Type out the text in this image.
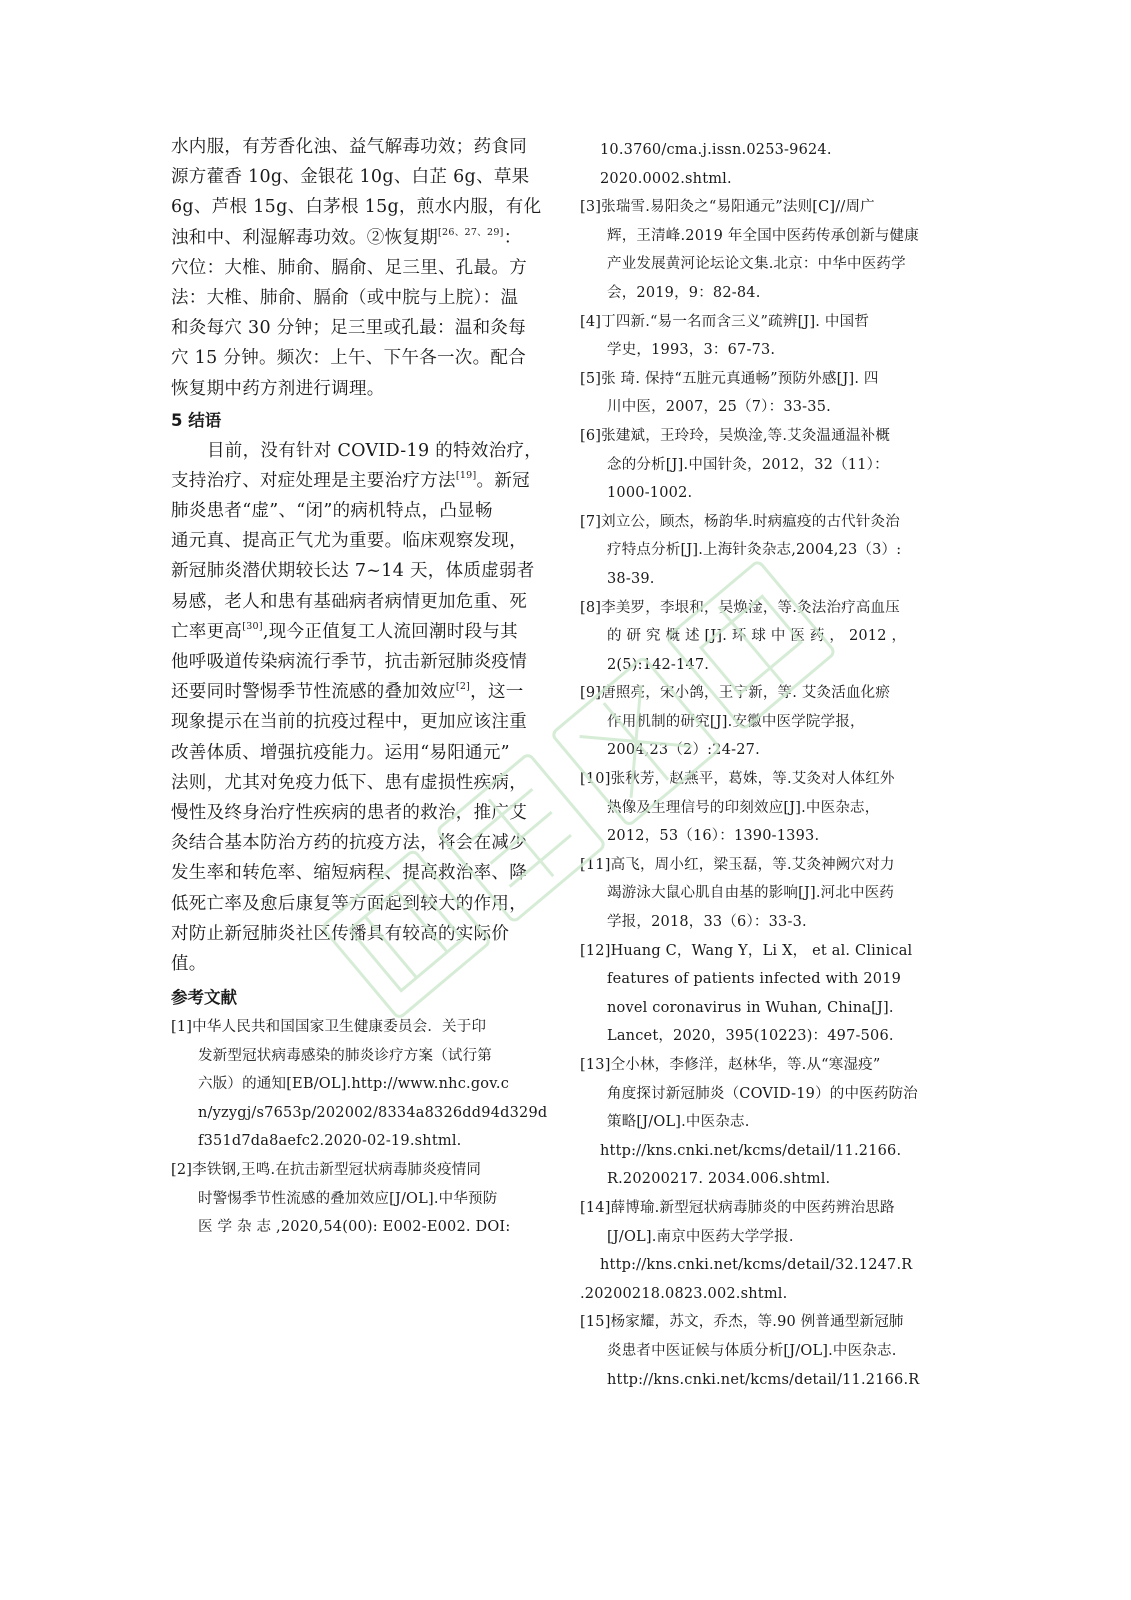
水内服，有芳香化浊、益气解毒功效；药食同
源方藿香 10g、金银花 10g、白芷 6g、草果
6g、芦根 15g、白茅根 15g，煎水内服，有化
浊和中、利湿解毒功效。②恢复期[26、27、29]：
穴位：大椎、肺俞、膈俞、足三里、孔最。方
法：大椎、肺俞、膈俞（或中脘与上脘）：温
和灸每穴 30 分钟；足三里或孔最：温和灸每
穴 15 分钟。频次：上午、下午各一次。配合
恢复期中药方剂进行调理。
5 结语
目前，没有针对 COVID-19 的特效治疗，
支持治疗、对症处理是主要治疗方法[19]。新冠
肺炎患者“虚”、“闭”的病机特点，凸显畅
通元真、提高正气尤为重要。临床观察发现，
新冠肺炎潜伏期较长达 7~14 天，体质虚弱者
易感，老人和患有基础病者病情更加危重、死
亡率更高[30],现今正值复工人流回潮时段与其
他呼吸道传染病流行季节，抗击新冠肺炎疫情
还要同时警惕季节性流感的叠加效应[2]，这一
现象提示在当前的抗疫过程中，更加应该注重
改善体质、增强抗疫能力。运用“易阳通元”
法则，尤其对免疫力低下、患有虚损性疾病，
慢性及终身治疗性疾病的患者的救治，推广艾
灸结合基本防治方药的抗疫方法，将会在减少
发生率和转危率、缩短病程、提高救治率、降
低死亡率及愈后康复等方面起到较大的作用，
对防止新冠肺炎社区传播具有较高的实际价
值。
参考文献
[1]中华人民共和国国家卫生健康委员会．关于印
发新型冠状病毒感染的肺炎诊疗方案（试行第
六版）的通知[EB/OL].http://www.nhc.gov.c
n/yzygj/s7653p/202002/8334a8326dd94d329d
f351d7da8aefc2.2020-02-19.shtml.
[2]李铁钢,王鸣.在抗击新型冠状病毒肺炎疫情同
时警惕季节性流感的叠加效应[J/OL].中华预防
医 学 杂 志 ,2020,54(00): E002-E002. DOI:
10.3760/cma.j.issn.0253-9624.
2020.0002.shtml.
[3]张瑞雪.易阳灸之“易阳通元”法则[C]//周广
辉，王清峰.2019 年全国中医药传承创新与健康
产业发展黄河论坛论文集.北京：中华中医药学
会，2019，9：82-84.
[4]丁四新.“易一名而含三义”疏辨[J]. 中国哲
学史，1993，3：67-73.
[5]张 琦. 保持“五脏元真通畅”预防外感[J]. 四
川中医，2007，25（7）：33-35.
[6]张建斌，王玲玲，吴焕淦,等.艾灸温通温补概
念的分析[J].中国针灸，2012，32（11）：
1000-1002.
[7]刘立公，顾杰，杨韵华.时病瘟疫的古代针灸治
疗特点分析[J].上海针灸杂志,2004,23（3）:
38-39.
[8]李美罗，李垠和，吴焕淦，等.灸法治疗高血压
的 研 究 概 述 [J]. 环 球 中 医 药 ， 2012 ，
2(5):142-147.
[9]唐照亮，宋小鸽，王宁新，等. 艾灸活血化瘀
作用机制的研究[J].安徽中医学院学报，
2004,23（2）:24-27.
[10]张秋芳，赵燕平，葛姝，等.艾灸对人体红外
热像及生理信号的印刻效应[J].中医杂志，
2012，53（16）：1390-1393.
[11]高飞，周小红，梁玉磊，等.艾灸神阙穴对力
竭游泳大鼠心肌自由基的影响[J].河北中医药
学报，2018，33（6）：33-3.
[12]Huang C，Wang Y，Li X， et al. Clinical
features of patients infected with 2019
novel coronavirus in Wuhan, China[J].
Lancet，2020，395(10223)：497-506.
[13]仝小林，李修洋，赵林华，等.从“寒湿疫”
角度探讨新冠肺炎（COVID-19）的中医药防治
策略[J/OL].中医杂志.
http://kns.cnki.net/kcms/detail/11.2166.
R.20200217. 2034.006.shtml.
[14]薛博瑜.新型冠状病毒肺炎的中医药辨治思路
[J/OL].南京中医药大学学报.
http://kns.cnki.net/kcms/detail/32.1247.R
.20200218.0823.002.shtml.
[15]杨家耀，苏文，乔杰，等.90 例普通型新冠肺
炎患者中医证候与体质分析[J/OL].中医杂志.
http://kns.cnki.net/kcms/detail/11.2166.R
